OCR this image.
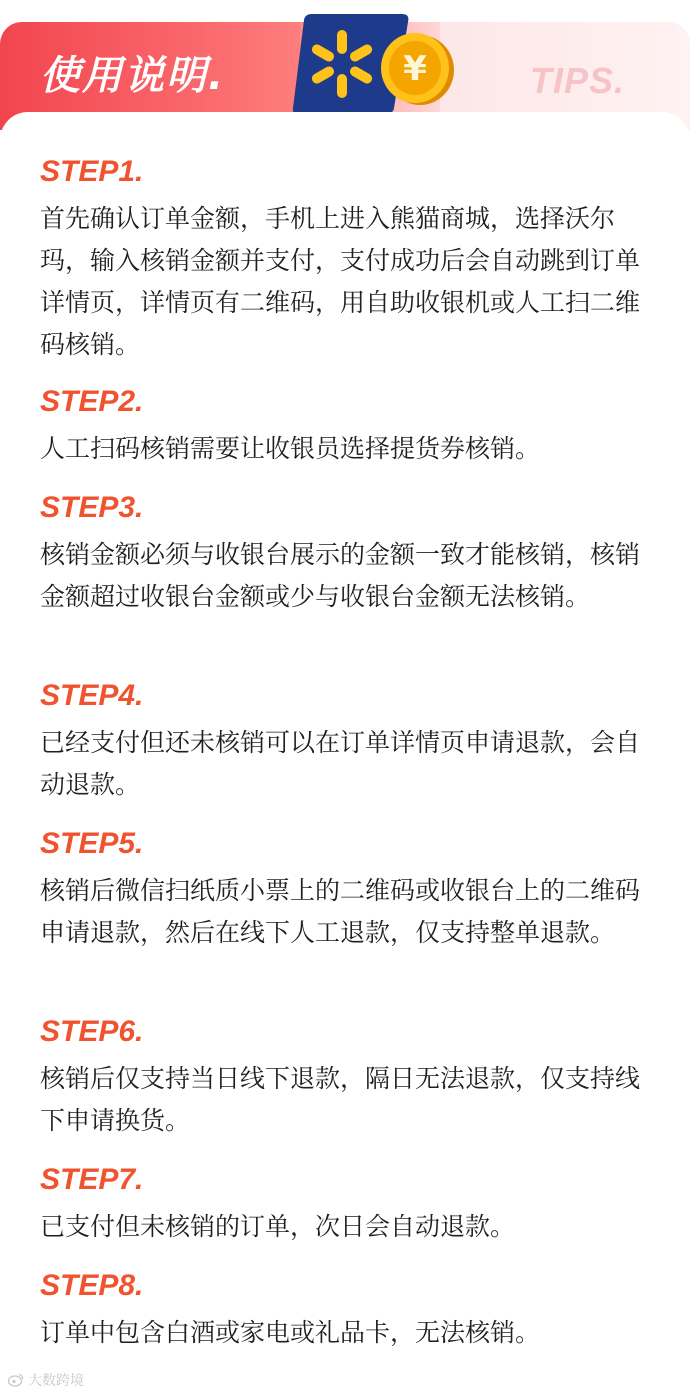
使用说明.	TIPS.
¥
STEP1.
首先确认订单金额，手机上进入熊猫商城，选择沃尔玛，输入核销金额并支付，支付成功后会自动跳到订单详情页，详情页有二维码，用自助收银机或人工扫二维码核销。
STEP2.
人工扫码核销需要让收银员选择提货券核销。
STEP3.
核销金额必须与收银台展示的金额一致才能核销，核销金额超过收银台金额或少与收银台金额无法核销。
STEP4.
已经支付但还未核销可以在订单详情页申请退款，会自动退款。
STEP5.
核销后微信扫纸质小票上的二维码或收银台上的二维码申请退款，然后在线下人工退款，仅支持整单退款。
STEP6.
核销后仅支持当日线下退款，隔日无法退款，仅支持线下申请换货。
STEP7.
已支付但未核销的订单，次日会自动退款。
STEP8.
订单中包含白酒或家电或礼品卡，无法核销。
大数跨境
